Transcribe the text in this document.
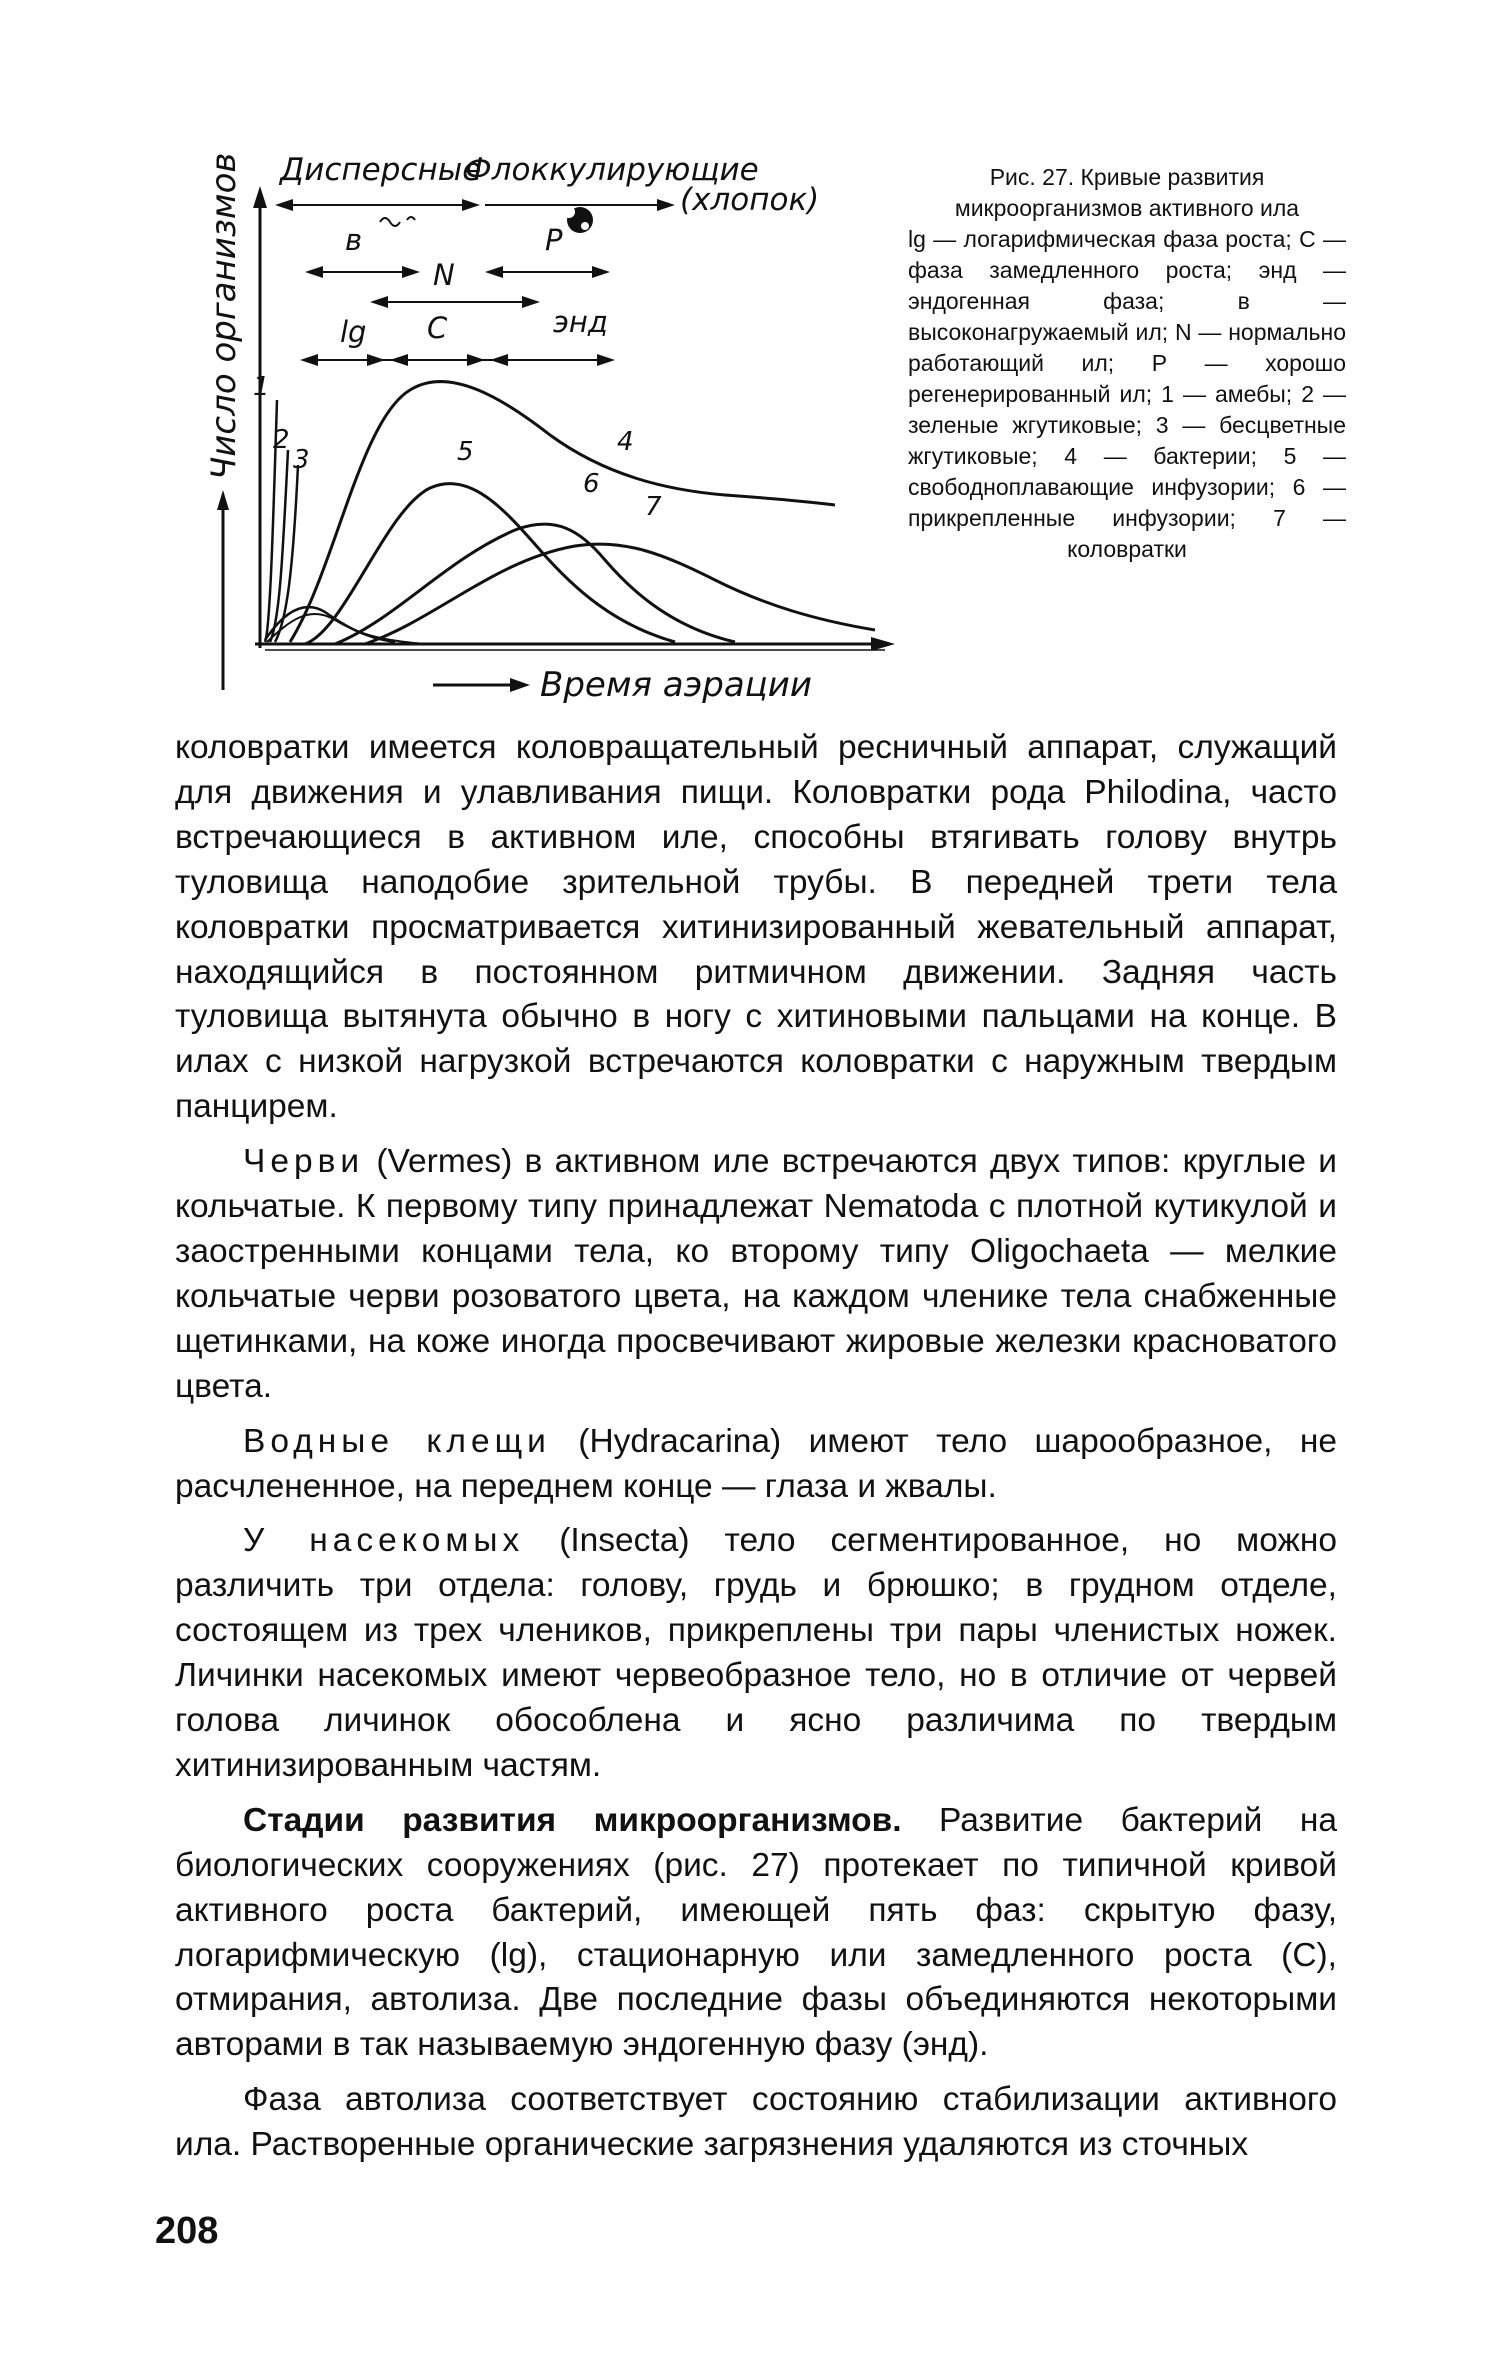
Число организмов
Время аэрации
Дисперсные
Флоккулирующие
(хлопок)
в	Р
N
lg С	энд
1
2
3
4
5
6
7
Рис. 27. Кривые развития микроорганизмов активного ила
lg — логарифмическая фаза роста; С — фаза замедленного роста; энд — эндогенная фаза; в — высоконагружаемый ил; N — нормально работающий ил; Р — хорошо регенерированный ил; 1 — амебы; 2 — зеленые жгутиковые; 3 — бесцветные жгутиковые; 4 — бактерии; 5 — свободноплавающие инфузории; 6 — прикрепленные инфузории; 7 — коловратки

коловратки имеется коловращательный ресничный аппарат, служащий для движения и улавливания пищи. Коловратки рода Philodina, часто встречающиеся в активном иле, способны втягивать голову внутрь туловища наподобие зрительной трубы. В передней трети тела коловратки просматривается хитинизированный жевательный аппарат, находящийся в постоянном ритмичном движении. Задняя часть туловища вытянута обычно в ногу с хитиновыми пальцами на конце. В илах с низкой нагрузкой встречаются коловратки с наружным твердым панцирем.

Черви (Vermes) в активном иле встречаются двух типов: круглые и кольчатые. К первому типу принадлежат Nematoda с плотной кутикулой и заостренными концами тела, ко второму типу Oligochaeta — мелкие кольчатые черви розоватого цвета, на каждом членике тела снабженные щетинками, на коже иногда просвечивают жировые железки красноватого цвета.

Водные клещи (Hydracarina) имеют тело шарообразное, не расчлененное, на переднем конце — глаза и жвалы.

У насекомых (Insecta) тело сегментированное, но можно различить три отдела: голову, грудь и брюшко; в грудном отделе, состоящем из трех члеников, прикреплены три пары членистых ножек. Личинки насекомых имеют червеобразное тело, но в отличие от червей голова личинок обособлена и ясно различима по твердым хитинизированным частям.

Стадии развития микроорганизмов. Развитие бактерий на биологических сооружениях (рис. 27) протекает по типичной кривой активного роста бактерий, имеющей пять фаз: скрытую фазу, логарифмическую (lg), стационарную или замедленного роста (С), отмирания, автолиза. Две последние фазы объединяются некоторыми авторами в так называемую эндогенную фазу (энд).

Фаза автолиза соответствует состоянию стабилизации активного ила. Растворенные органические загрязнения удаляются из сточных

208
